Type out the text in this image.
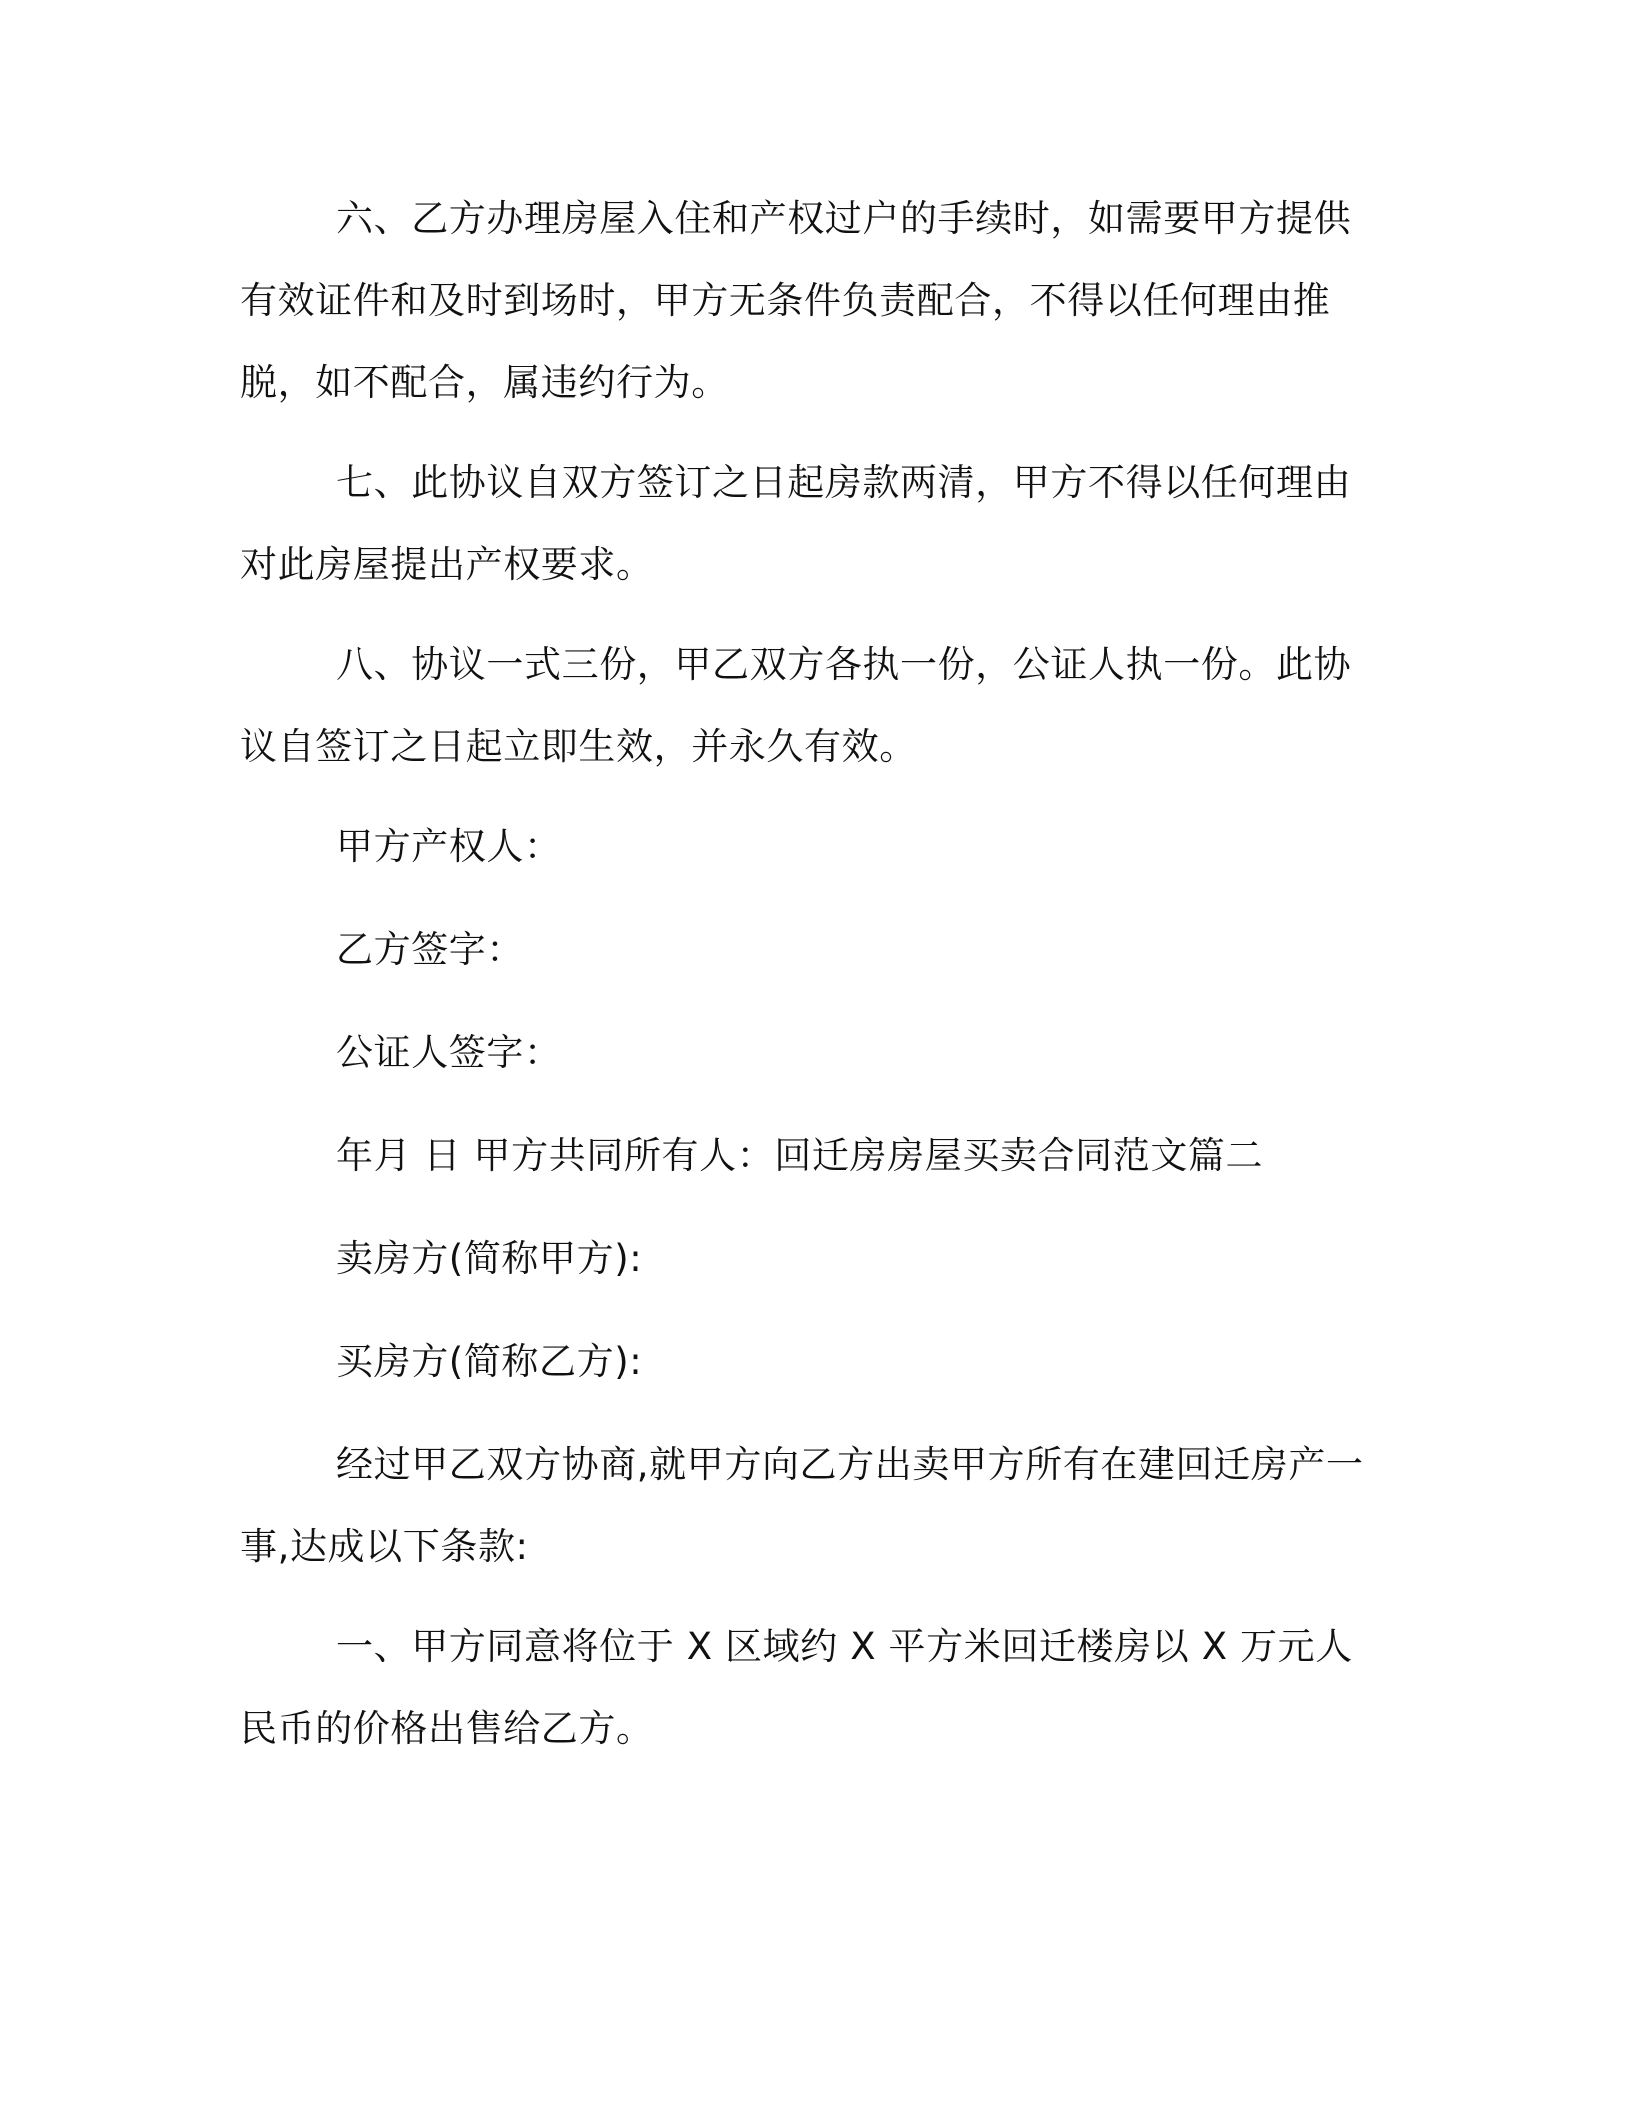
六、乙方办理房屋入住和产权过户的手续时，如需要甲方提供有效证件和及时到场时，甲方无条件负责配合，不得以任何理由推脱，如不配合，属违约行为。

七、此协议自双方签订之日起房款两清，甲方不得以任何理由对此房屋提出产权要求。

八、协议一式三份，甲乙双方各执一份，公证人执一份。此协议自签订之日起立即生效，并永久有效。

甲方产权人：

乙方签字：

公证人签字：

年月 日 甲方共同所有人：回迁房房屋买卖合同范文篇二

卖房方(简称甲方):

买房方(简称乙方):

经过甲乙双方协商,就甲方向乙方出卖甲方所有在建回迁房产一事,达成以下条款:

一、甲方同意将位于 X 区域约 X 平方米回迁楼房以 X 万元人民币的价格出售给乙方。
